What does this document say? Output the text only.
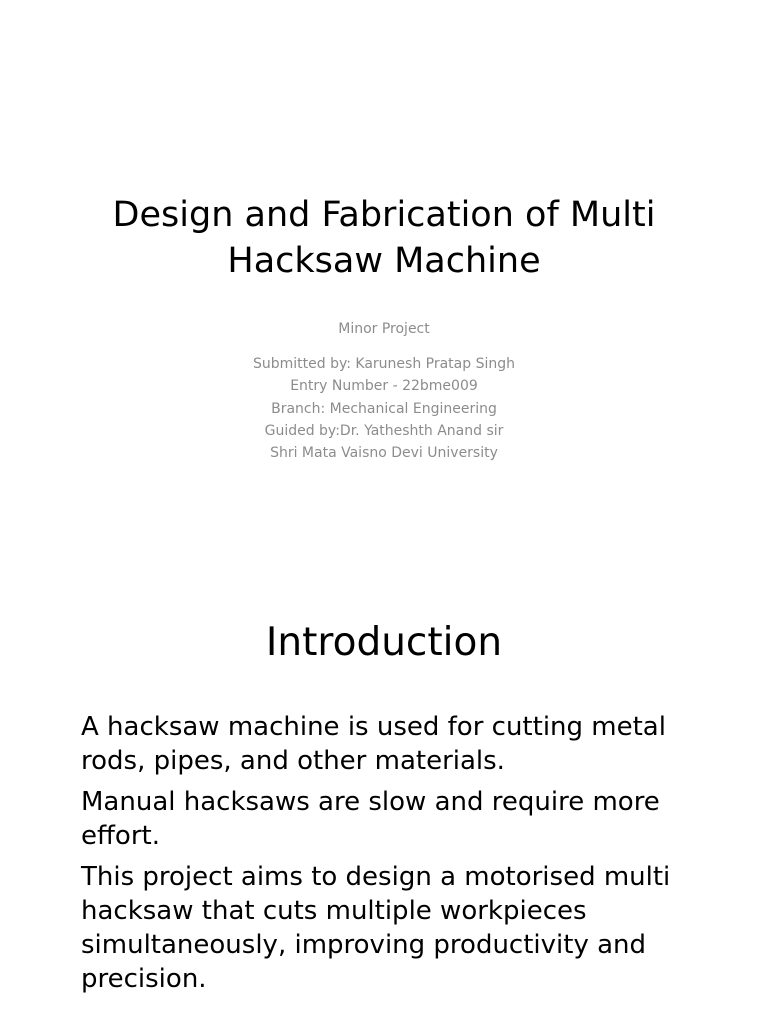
Design and Fabrication of Multi
Hacksaw Machine

Minor Project

Submitted by: Karunesh Pratap Singh
Entry Number - 22bme009
Branch: Mechanical Engineering
Guided by:Dr. Yatheshth Anand sir
Shri Mata Vaisno Devi University
Introduction
A hacksaw machine is used for cutting metal rods, pipes, and other materials.
Manual hacksaws are slow and require more effort.
This project aims to design a motorised multi hacksaw that cuts multiple workpieces simultaneously, improving productivity and precision.
